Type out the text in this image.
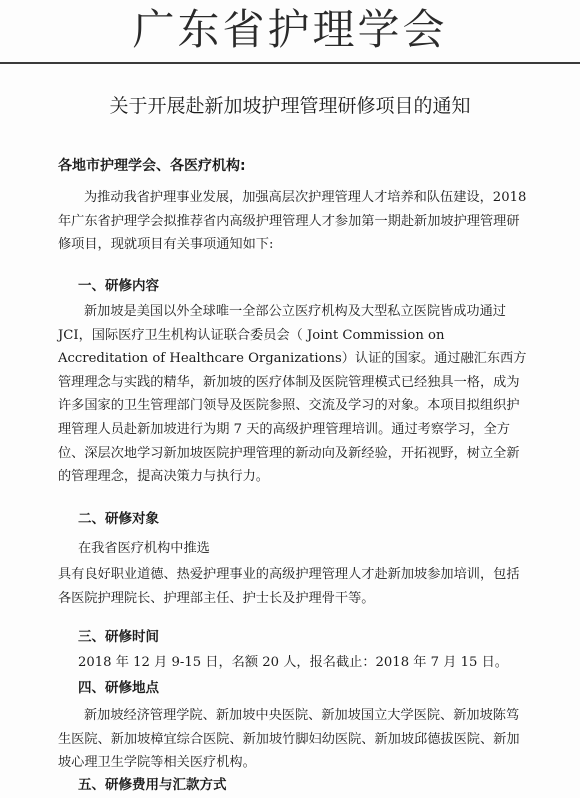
广东省护理学会
关于开展赴新加坡护理管理研修项目的通知
各地市护理学会、各医疗机构:

为推动我省护理事业发展，加强高层次护理管理人才培养和队伍建设，2018年广东省护理学会拟推荐省内高级护理管理人才参加第一期赴新加坡护理管理研修项目，现就项目有关事项通知如下:

一、研修内容

新加坡是美国以外全球唯一全部公立医疗机构及大型私立医院皆成功通过JCI，国际医疗卫生机构认证联合委员会（ Joint Commission on Accreditation of Healthcare Organizations）认证的国家。通过融汇东西方管理理念与实践的精华，新加坡的医疗体制及医院管理模式已经独具一格，成为许多国家的卫生管理部门领导及医院参照、交流及学习的对象。本项目拟组织护理管理人员赴新加坡进行为期 7 天的高级护理管理培训。通过考察学习，全方位、深层次地学习新加坡医院护理管理的新动向及新经验，开拓视野，树立全新的管理理念，提高决策力与执行力。

二、研修对象
在我省医疗机构中推选

具有良好职业道德、热爱护理事业的高级护理管理人才赴新加坡参加培训，包括各医院护理院长、护理部主任、护士长及护理骨干等。

三、研修时间
2018 年 12 月 9-15 日，名额 20 人，报名截止：2018 年 7 月 15 日。
四、研修地点

新加坡经济管理学院、新加坡中央医院、新加坡国立大学医院、新加坡陈笃生医院、新加坡樟宜综合医院、新加坡竹脚妇幼医院、新加坡邱德拔医院、新加坡心理卫生学院等相关医疗机构。

五、研修费用与汇款方式
